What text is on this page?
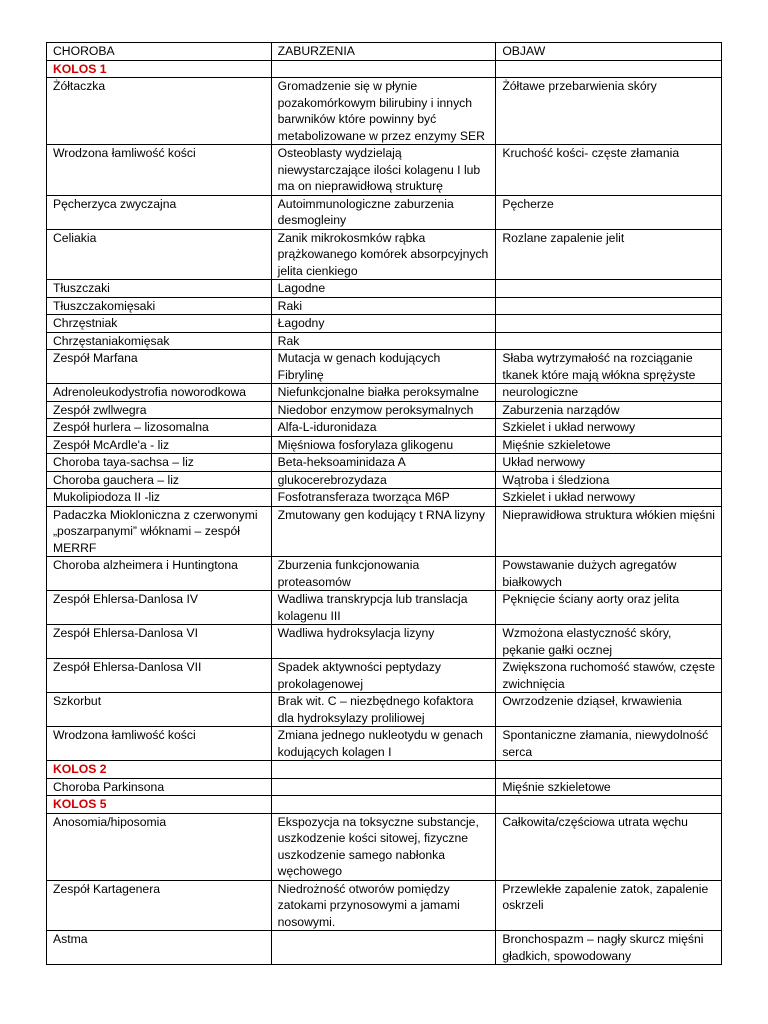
CHOROBA	ZABURZENIA	OBJAW
KOLOS 1		
Żółtaczka	Gromadzenie się w płynie pozakomórkowym bilirubiny i innych barwników które powinny być metabolizowane w przez enzymy SER	Żółtawe przebarwienia skóry
Wrodzona łamliwość kości	Osteoblasty wydzielają niewystarczające ilości kolagenu I lub ma on nieprawidłową strukturę	Kruchość kości- częste złamania
Pęcherzyca zwyczajna	Autoimmunologiczne zaburzenia desmogleiny	Pęcherze
Celiakia	Zanik mikrokosmków rąbka prążkowanego komórek absorpcyjnych jelita cienkiego	Rozlane zapalenie jelit
Tłuszczaki	Lagodne	
Tłuszczakomięsaki	Raki	
Chrzęstniak	Łagodny	
Chrzęstaniakomięsak	Rak	
Zespół Marfana	Mutacja w genach kodujących Fibrylinę	Słaba wytrzymałość na rozciąganie tkanek które mają włókna sprężyste
Adrenoleukodystrofia noworodkowa	Niefunkcjonalne białka peroksymalne	neurologiczne
Zespół zwllwegra	Niedobor enzymow peroksymalnych	Zaburzenia narządów
Zespół hurlera – lizosomalna	Alfa-L-iduronidaza	Szkielet i układ nerwowy
Zespół McArdle'a - liz	Mięśniowa fosforylaza glikogenu	Mięśnie szkieletowe
Choroba taya-sachsa – liz	Beta-heksoaminidaza A	Układ nerwowy
Choroba gauchera – liz	glukocerebrozydaza	Wątroba i śledziona
Mukolipiodoza II -liz	Fosfotransferaza tworząca M6P	Szkielet i układ nerwowy
Padaczka Miokloniczna z czerwonymi „poszarpanymi” włóknami – zespół MERRF	Zmutowany gen kodujący t RNA lizyny	Nieprawidłowa struktura włókien mięśni
Choroba alzheimera i Huntingtona	Zburzenia funkcjonowania proteasomów	Powstawanie dużych agregatów białkowych
Zespół Ehlersa-Danlosa IV	Wadliwa transkrypcja lub translacja kolagenu III	Pęknięcie ściany aorty oraz jelita
Zespół Ehlersa-Danlosa VI	Wadliwa hydroksylacja lizyny	Wzmożona elastyczność skóry, pękanie gałki ocznej
Zespół Ehlersa-Danlosa VII	Spadek aktywności peptydazy prokolagenowej	Zwiększona ruchomość stawów, częste zwichnięcia
Szkorbut	Brak wit. C – niezbędnego kofaktora dla hydroksylazy proliliowej	Owrzodzenie dziąseł, krwawienia
Wrodzona łamliwość kości	Zmiana jednego nukleotydu w genach kodujących kolagen I	Spontaniczne złamania, niewydolność serca
KOLOS 2		
Choroba Parkinsona		Mięśnie szkieletowe
KOLOS 5		
Anosomia/hiposomia	Ekspozycja na toksyczne substancje, uszkodzenie kości sitowej, fizyczne uszkodzenie samego nabłonka węchowego	Całkowita/częściowa utrata węchu
Zespół Kartagenera	Niedrożność otworów pomiędzy zatokami przynosowymi a jamami nosowymi.	Przewlekłe zapalenie zatok, zapalenie oskrzeli
Astma		Bronchospazm – nagły skurcz mięśni gładkich, spowodowany
